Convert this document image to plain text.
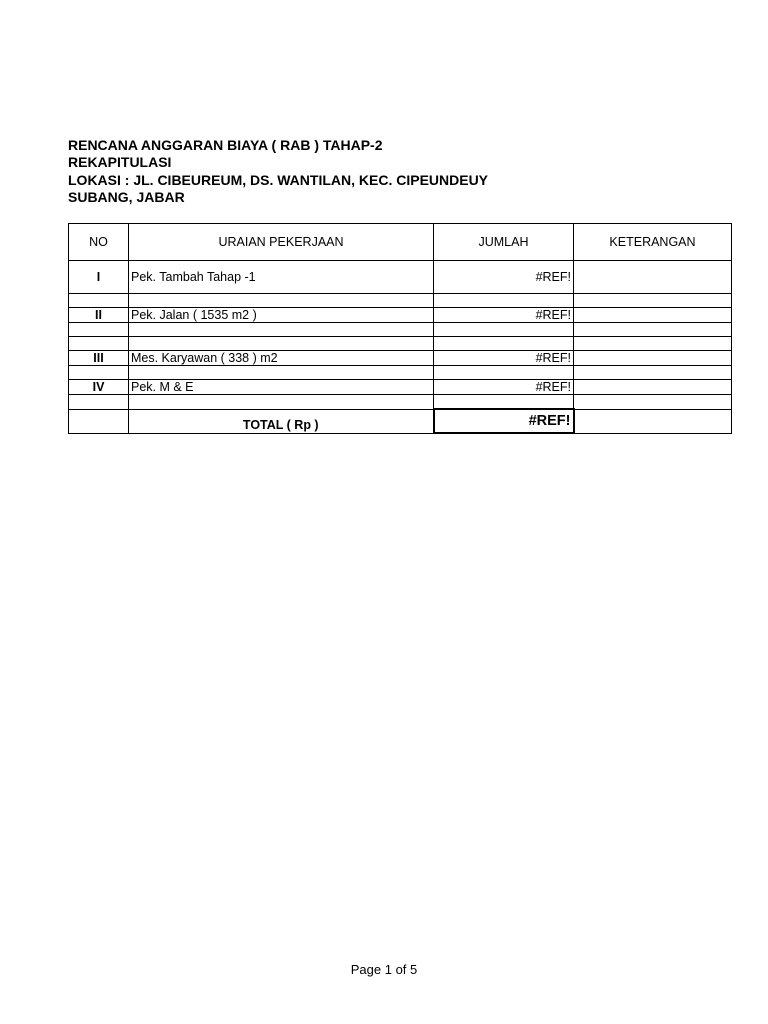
RENCANA ANGGARAN BIAYA ( RAB ) TAHAP-2
REKAPITULASI
LOKASI : JL. CIBEUREUM, DS. WANTILAN, KEC. CIPEUNDEUY
SUBANG, JABAR
NO	URAIAN PEKERJAAN	JUMLAH	KETERANGAN
I	Pek. Tambah Tahap -1	#REF!	

II	Pek. Jalan ( 1535 m2 )	#REF!	

III	Mes. Karyawan ( 338 ) m2	#REF!	

IV	Pek. M & E	#REF!	

	TOTAL ( Rp )	#REF!	
Page 1 of 5
